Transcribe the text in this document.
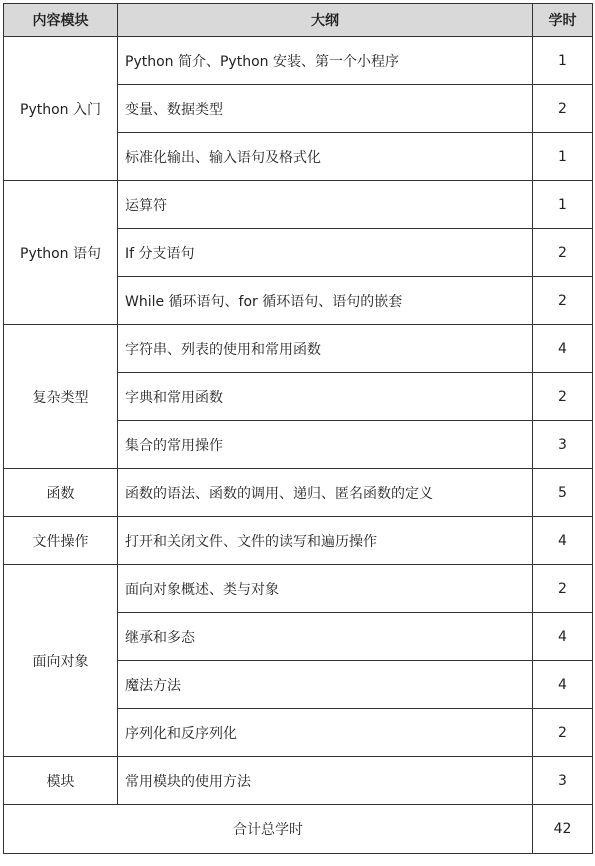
内容模块	大纲	学时
Python 入门	Python 简介、Python 安装、第一个小程序	1
	变量、数据类型	2
	标准化输出、输入语句及格式化	1
Python 语句	运算符	1
	If 分支语句	2
	While 循环语句、for 循环语句、语句的嵌套	2
复杂类型	字符串、列表的使用和常用函数	4
	字典和常用函数	2
	集合的常用操作	3
函数	函数的语法、函数的调用、递归、匿名函数的定义	5
文件操作	打开和关闭文件、文件的读写和遍历操作	4
面向对象	面向对象概述、类与对象	2
	继承和多态	4
	魔法方法	4
	序列化和反序列化	2
模块	常用模块的使用方法	3
合计总学时		42
